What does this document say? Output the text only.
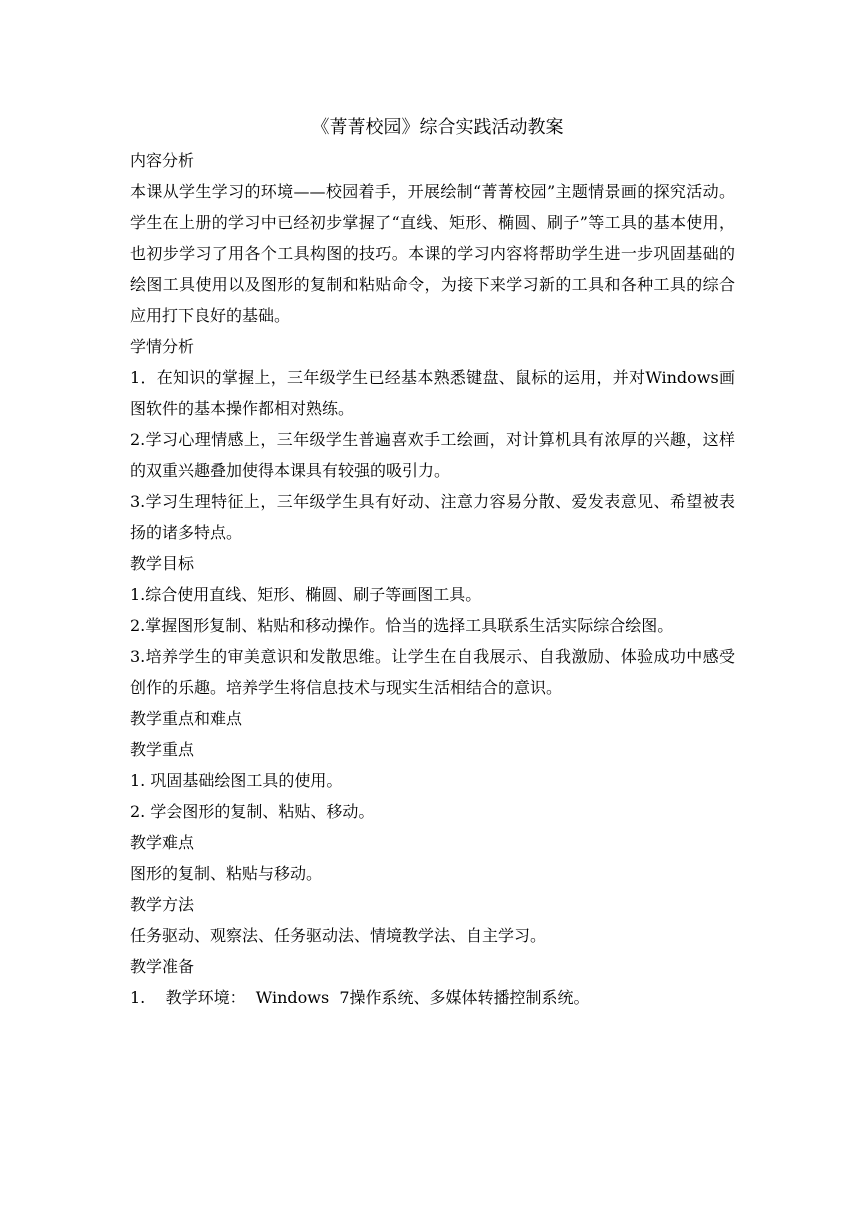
《菁菁校园》综合实践活动教案
内容分析
本课从学生学习的环境——校园着手，开展绘制“菁菁校园”主题情景画的探究活动。学生在上册的学习中已经初步掌握了“直线、矩形、椭圆、刷子”等工具的基本使用，也初步学习了用各个工具构图的技巧。本课的学习内容将帮助学生进一步巩固基础的绘图工具使用以及图形的复制和粘贴命令，为接下来学习新的工具和各种工具的综合应用打下良好的基础。
学情分析
1．在知识的掌握上，三年级学生已经基本熟悉键盘、鼠标的运用，并对Windows画图软件的基本操作都相对熟练。
2.学习心理情感上，三年级学生普遍喜欢手工绘画，对计算机具有浓厚的兴趣，这样的双重兴趣叠加使得本课具有较强的吸引力。
3.学习生理特征上，三年级学生具有好动、注意力容易分散、爱发表意见、希望被表扬的诸多特点。
教学目标
1.综合使用直线、矩形、椭圆、刷子等画图工具。
2.掌握图形复制、粘贴和移动操作。恰当的选择工具联系生活实际综合绘图。
3.培养学生的审美意识和发散思维。让学生在自我展示、自我激励、体验成功中感受创作的乐趣。培养学生将信息技术与现实生活相结合的意识。
教学重点和难点
教学重点
1. 巩固基础绘图工具的使用。
2. 学会图形的复制、粘贴、移动。
教学难点
图形的复制、粘贴与移动。
教学方法
任务驱动、观察法、任务驱动法、情境教学法、自主学习。
教学准备
1.    教学环境：  Windows  7操作系统、多媒体转播控制系统。
